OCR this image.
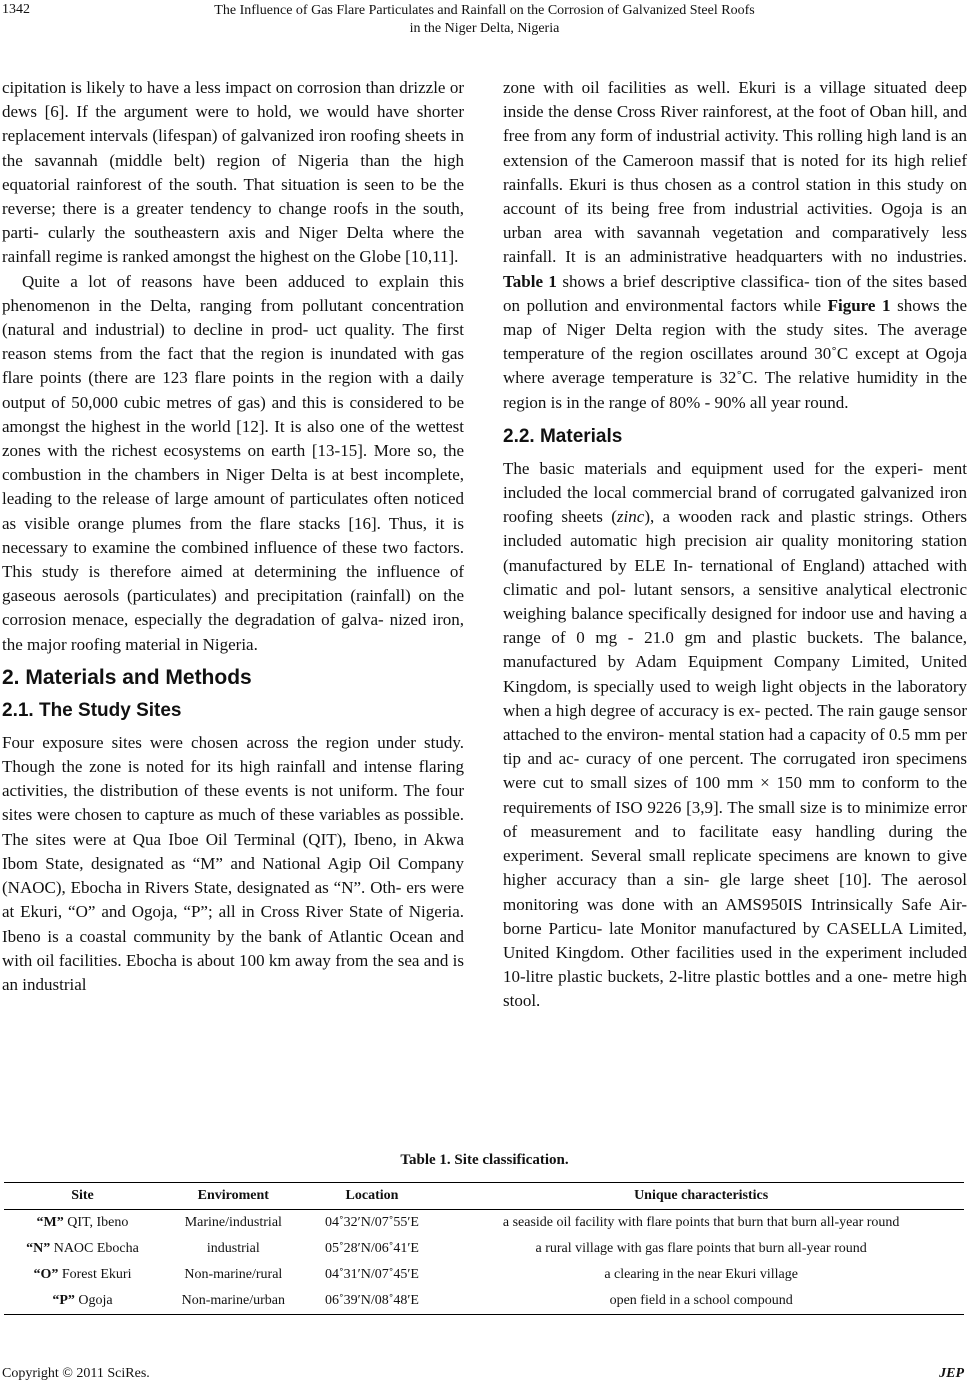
1342	The Influence of Gas Flare Particulates and Rainfall on the Corrosion of Galvanized Steel Roofs
in the Niger Delta, Nigeria

cipitation is likely to have a less impact on corrosion than drizzle or dews [6]. If the argument were to hold, we would have shorter replacement intervals (lifespan) of galvanized iron roofing sheets in the savannah (middle belt) region of Nigeria than the high equatorial rainforest of the south. That situation is seen to be the reverse; there is a greater tendency to change roofs in the south, parti- cularly the southeastern axis and Niger Delta where the rainfall regime is ranked amongst the highest on the Globe [10,11].

Quite a lot of reasons have been adduced to explain this phenomenon in the Delta, ranging from pollutant concentration (natural and industrial) to decline in prod- uct quality. The first reason stems from the fact that the region is inundated with gas flare points (there are 123 flare points in the region with a daily output of 50,000 cubic metres of gas) and this is considered to be amongst the highest in the world [12]. It is also one of the wettest zones with the richest ecosystems on earth [13-15]. More so, the combustion in the chambers in Niger Delta is at best incomplete, leading to the release of large amount of particulates often noticed as visible orange plumes from the flare stacks [16]. Thus, it is necessary to examine the combined influence of these two factors. This study is therefore aimed at determining the influence of gaseous aerosols (particulates) and precipitation (rainfall) on the corrosion menace, especially the degradation of galva- nized iron, the major roofing material in Nigeria.

2. Materials and Methods
2.1. The Study Sites

Four exposure sites were chosen across the region under study. Though the zone is noted for its high rainfall and intense flaring activities, the distribution of these events is not uniform. The four sites were chosen to capture as much of these variables as possible. The sites were at Qua Iboe Oil Terminal (QIT), Ibeno, in Akwa Ibom State, designated as “M” and National Agip Oil Company (NAOC), Ebocha in Rivers State, designated as “N”. Oth- ers were at Ekuri, “O” and Ogoja, “P”; all in Cross River State of Nigeria. Ibeno is a coastal community by the bank of Atlantic Ocean and with oil facilities. Ebocha is about 100 km away from the sea and is an industrial

zone with oil facilities as well. Ekuri is a village situated deep inside the dense Cross River rainforest, at the foot of Oban hill, and free from any form of industrial activity. This rolling high land is an extension of the Cameroon massif that is noted for its high relief rainfalls. Ekuri is thus chosen as a control station in this study on account of its being free from industrial activities. Ogoja is an urban area with savannah vegetation and comparatively less rainfall. It is an administrative headquarters with no industries. Table 1 shows a brief descriptive classifica- tion of the sites based on pollution and environmental factors while Figure 1 shows the map of Niger Delta region with the study sites. The average temperature of the region oscillates around 30˚C except at Ogoja where average temperature is 32˚C. The relative humidity in the region is in the range of 80% - 90% all year round.

2.2. Materials

The basic materials and equipment used for the experi- ment included the local commercial brand of corrugated galvanized iron roofing sheets (zinc), a wooden rack and plastic strings. Others included automatic high precision air quality monitoring station (manufactured by ELE In- ternational of England) attached with climatic and pol- lutant sensors, a sensitive analytical electronic weighing balance specifically designed for indoor use and having a range of 0 mg - 21.0 gm and plastic buckets. The balance, manufactured by Adam Equipment Company Limited, United Kingdom, is specially used to weigh light objects in the laboratory when a high degree of accuracy is ex- pected. The rain gauge sensor attached to the environ- mental station had a capacity of 0.5 mm per tip and ac- curacy of one percent. The corrugated iron specimens were cut to small sizes of 100 mm × 150 mm to conform to the requirements of ISO 9226 [3,9]. The small size is to minimize error of measurement and to facilitate easy handling during the experiment. Several small replicate specimens are known to give higher accuracy than a sin- gle large sheet [10]. The aerosol monitoring was done with an AMS950IS Intrinsically Safe Air-borne Particu- late Monitor manufactured by CASELLA Limited, United Kingdom. Other facilities used in the experiment included 10-litre plastic buckets, 2-litre plastic bottles and a one- metre high stool.

Table 1. Site classification.
Site	Enviroment	Location	Unique characteristics
“M” QIT, Ibeno	Marine/industrial	04˚32′N/07˚55′E	a seaside oil facility with flare points that burn that burn all-year round
“N” NAOC Ebocha	industrial	05˚28′N/06˚41′E	a rural village with gas flare points that burn all-year round
“O” Forest Ekuri	Non-marine/rural	04˚31′N/07˚45′E	a clearing in the near Ekuri village
“P” Ogoja	Non-marine/urban	06˚39′N/08˚48′E	open field in a school compound
Copyright © 2011 SciRes.	JEP
